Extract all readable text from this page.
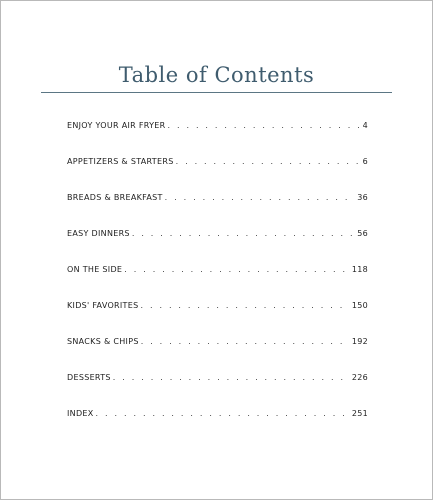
Table of Contents
ENJOY YOUR AIR FRYER . . .	4
APPETIZERS & STARTERS . . .	6
BREADS & BREAKFAST . . .	36
EASY DINNERS . . .	56
ON THE SIDE . . .	118
KIDS' FAVORITES . . .	150
SNACKS & CHIPS . . .	192
DESSERTS . . .	226
INDEX . . .	251
